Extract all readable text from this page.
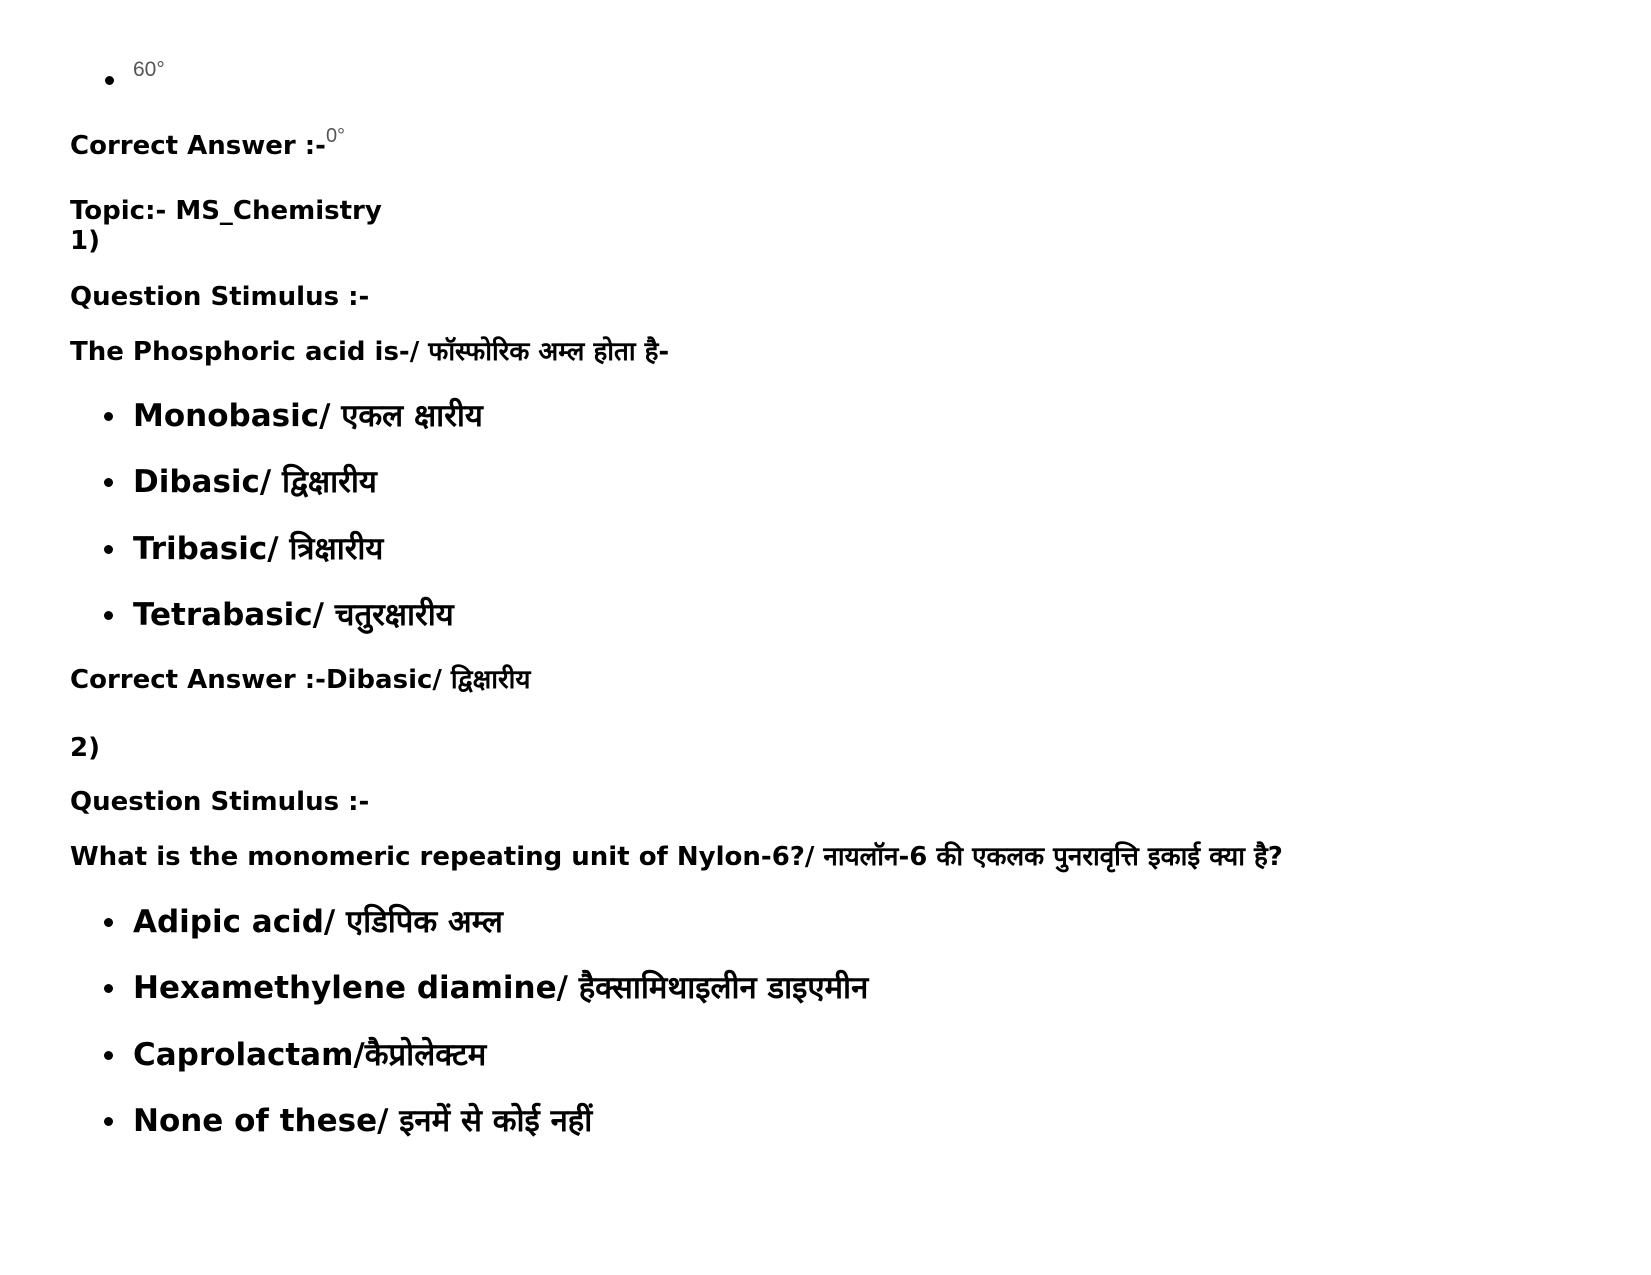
60°
Correct Answer :-$^{0^\circ}$
Topic:- MS_Chemistry
1)
Question Stimulus :-
The Phosphoric acid is-/ फॉस्फोरिक अम्ल होता है-
Monobasic/ एकल क्षारीय
Dibasic/ द्विक्षारीय
Tribasic/ त्रिक्षारीय
Tetrabasic/ चतुरक्षारीय
Correct Answer :-Dibasic/ द्विक्षारीय
2)
Question Stimulus :-
What is the monomeric repeating unit of Nylon-6?/ नायलॉन-6 की एकलक पुनरावृत्ति इकाई क्या है?
Adipic acid/ एडिपिक अम्ल
Hexamethylene diamine/ हैक्सामिथाइलीन डाइएमीन
Caprolactam/कैप्रोलेक्टम
None of these/ इनमें से कोई नहीं
